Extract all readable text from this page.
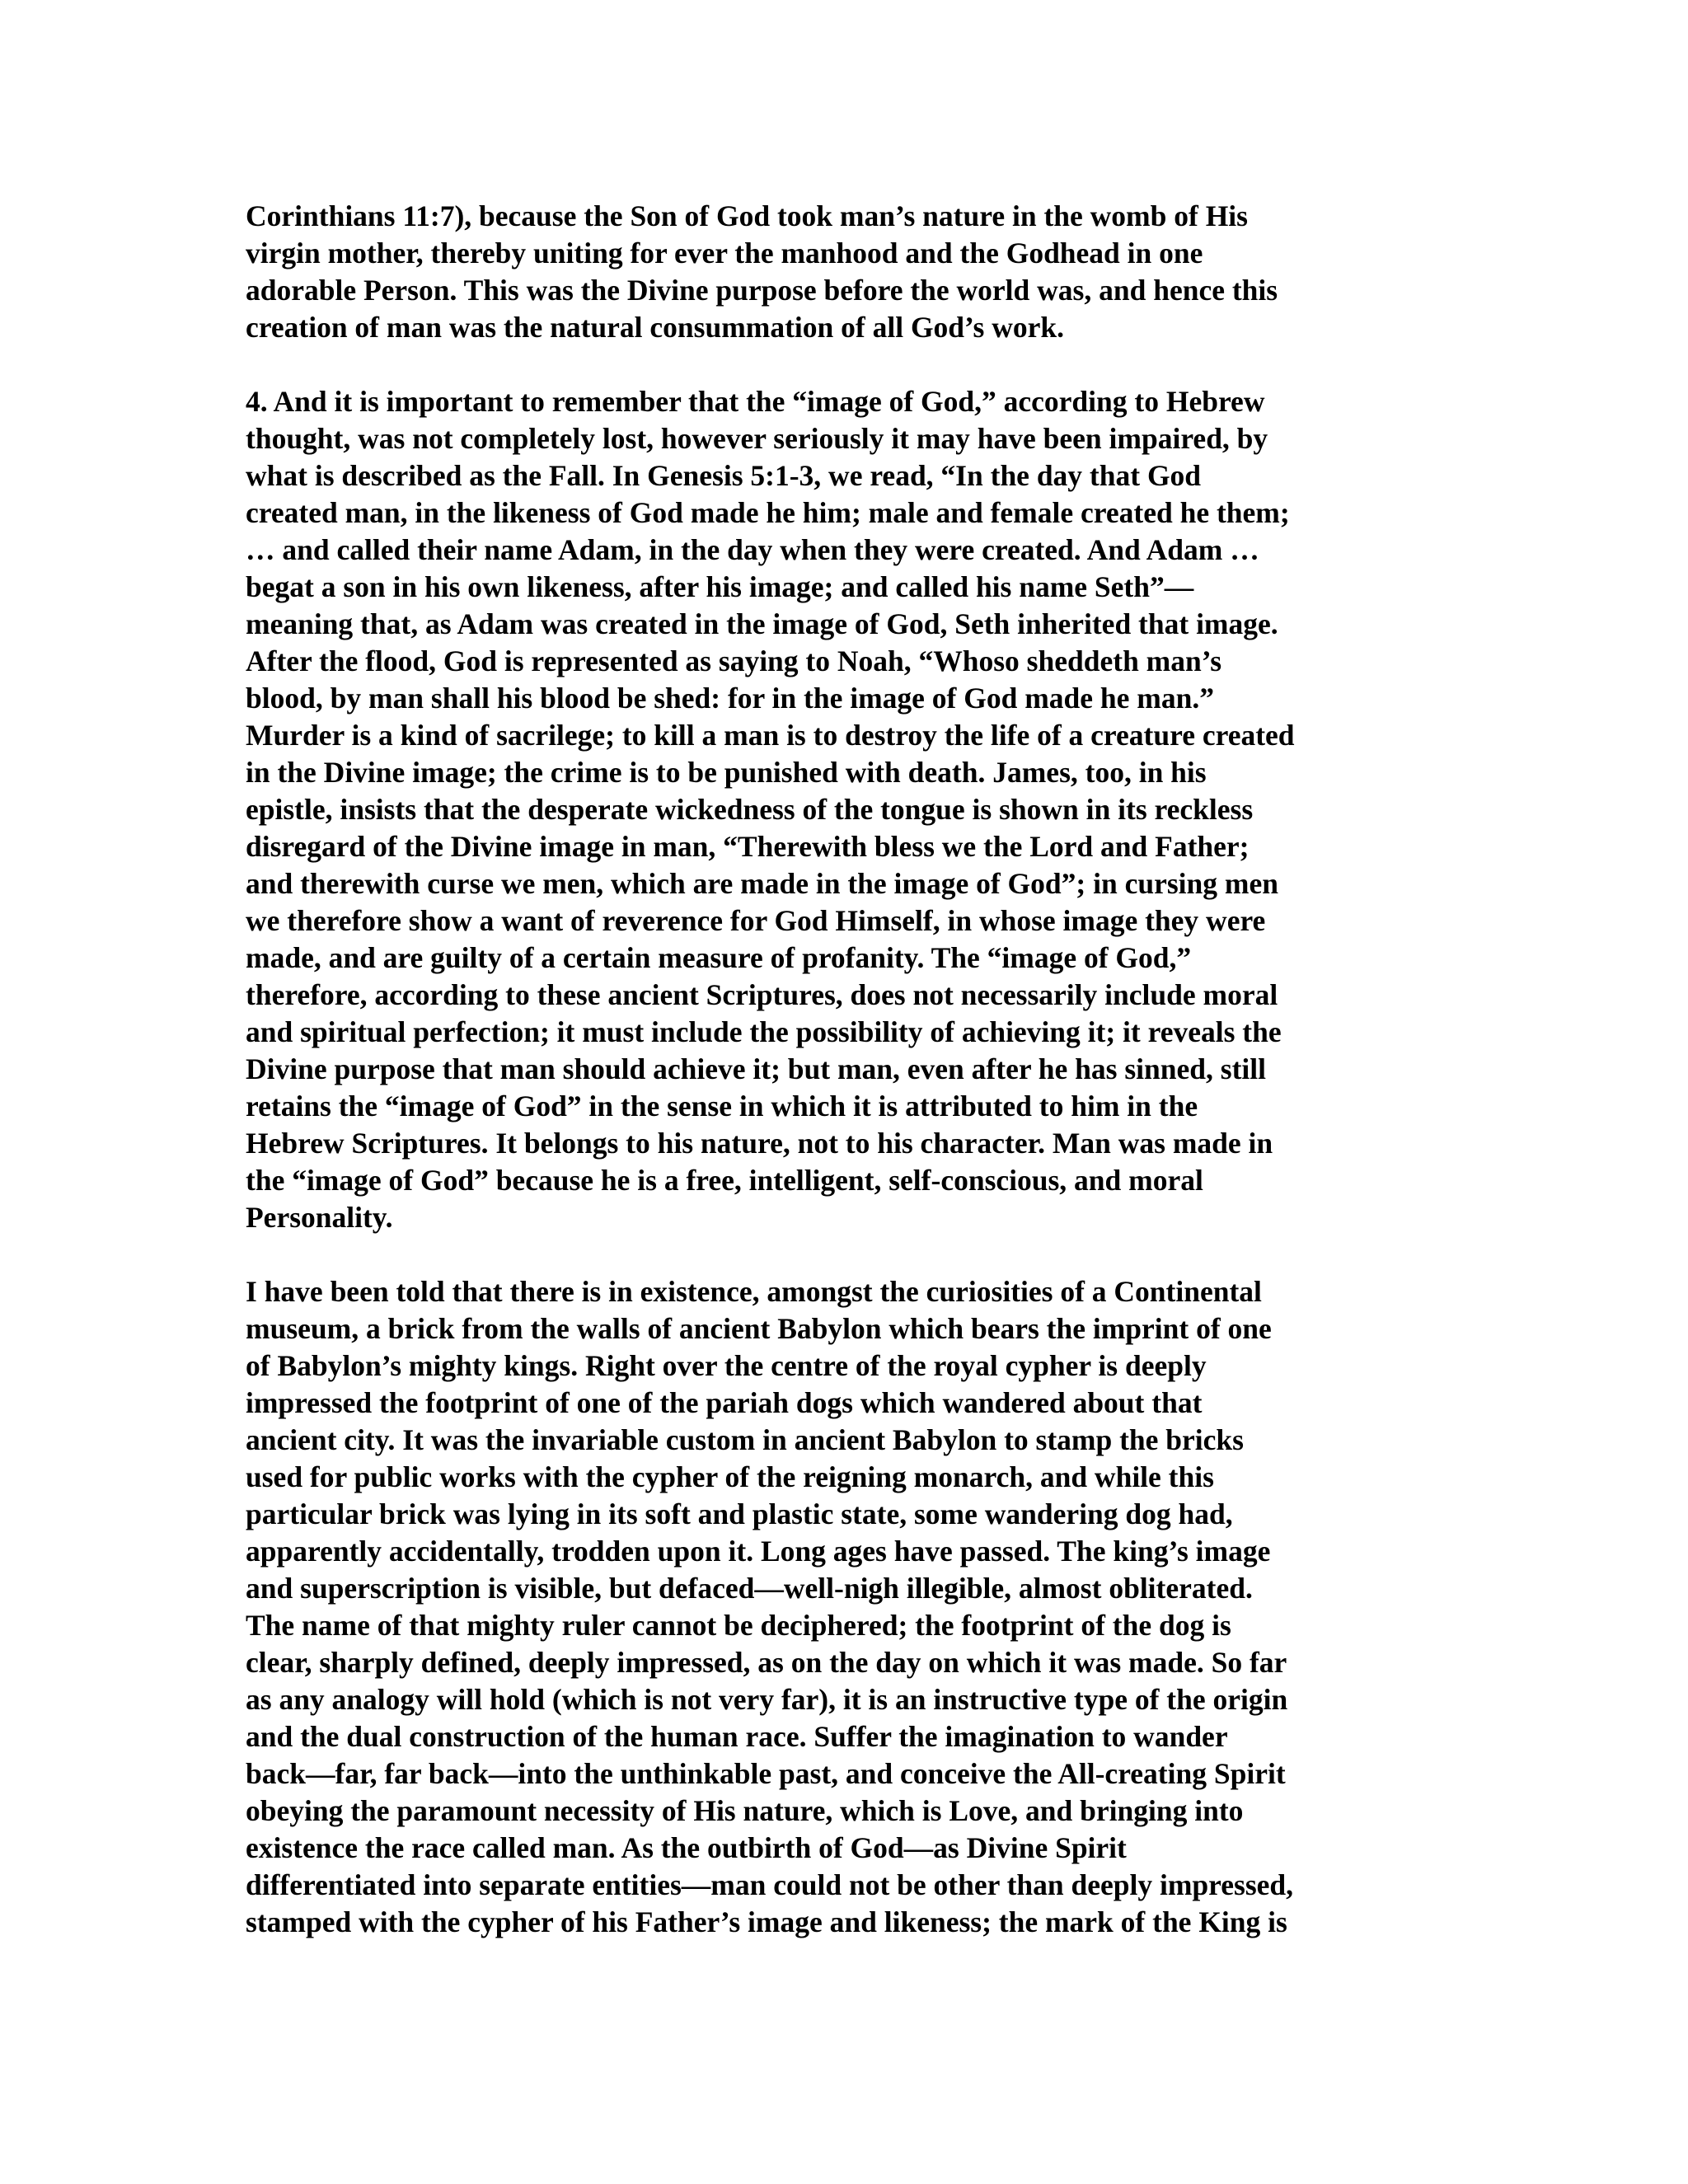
Corinthians 11:7), because the Son of God took man’s nature in the womb of His
virgin mother, thereby uniting for ever the manhood and the Godhead in one
adorable Person. This was the Divine purpose before the world was, and hence this
creation of man was the natural consummation of all God’s work.
4. And it is important to remember that the “image of God,” according to Hebrew
thought, was not completely lost, however seriously it may have been impaired, by
what is described as the Fall. In Genesis 5:1-3, we read, “In the day that God
created man, in the likeness of God made he him; male and female created he them;
… and called their name Adam, in the day when they were created. And Adam …
begat a son in his own likeness, after his image; and called his name Seth”—
meaning that, as Adam was created in the image of God, Seth inherited that image.
After the flood, God is represented as saying to Noah, “Whoso sheddeth man’s
blood, by man shall his blood be shed: for in the image of God made he man.”
Murder is a kind of sacrilege; to kill a man is to destroy the life of a creature created
in the Divine image; the crime is to be punished with death. James, too, in his
epistle, insists that the desperate wickedness of the tongue is shown in its reckless
disregard of the Divine image in man, “Therewith bless we the Lord and Father;
and therewith curse we men, which are made in the image of God”; in cursing men
we therefore show a want of reverence for God Himself, in whose image they were
made, and are guilty of a certain measure of profanity. The “image of God,”
therefore, according to these ancient Scriptures, does not necessarily include moral
and spiritual perfection; it must include the possibility of achieving it; it reveals the
Divine purpose that man should achieve it; but man, even after he has sinned, still
retains the “image of God” in the sense in which it is attributed to him in the
Hebrew Scriptures. It belongs to his nature, not to his character. Man was made in
the “image of God” because he is a free, intelligent, self-conscious, and moral
Personality.
I have been told that there is in existence, amongst the curiosities of a Continental
museum, a brick from the walls of ancient Babylon which bears the imprint of one
of Babylon’s mighty kings. Right over the centre of the royal cypher is deeply
impressed the footprint of one of the pariah dogs which wandered about that
ancient city. It was the invariable custom in ancient Babylon to stamp the bricks
used for public works with the cypher of the reigning monarch, and while this
particular brick was lying in its soft and plastic state, some wandering dog had,
apparently accidentally, trodden upon it. Long ages have passed. The king’s image
and superscription is visible, but defaced—well-nigh illegible, almost obliterated.
The name of that mighty ruler cannot be deciphered; the footprint of the dog is
clear, sharply defined, deeply impressed, as on the day on which it was made. So far
as any analogy will hold (which is not very far), it is an instructive type of the origin
and the dual construction of the human race. Suffer the imagination to wander
back—far, far back—into the unthinkable past, and conceive the All-creating Spirit
obeying the paramount necessity of His nature, which is Love, and bringing into
existence the race called man. As the outbirth of God—as Divine Spirit
differentiated into separate entities—man could not be other than deeply impressed,
stamped with the cypher of his Father’s image and likeness; the mark of the King is
